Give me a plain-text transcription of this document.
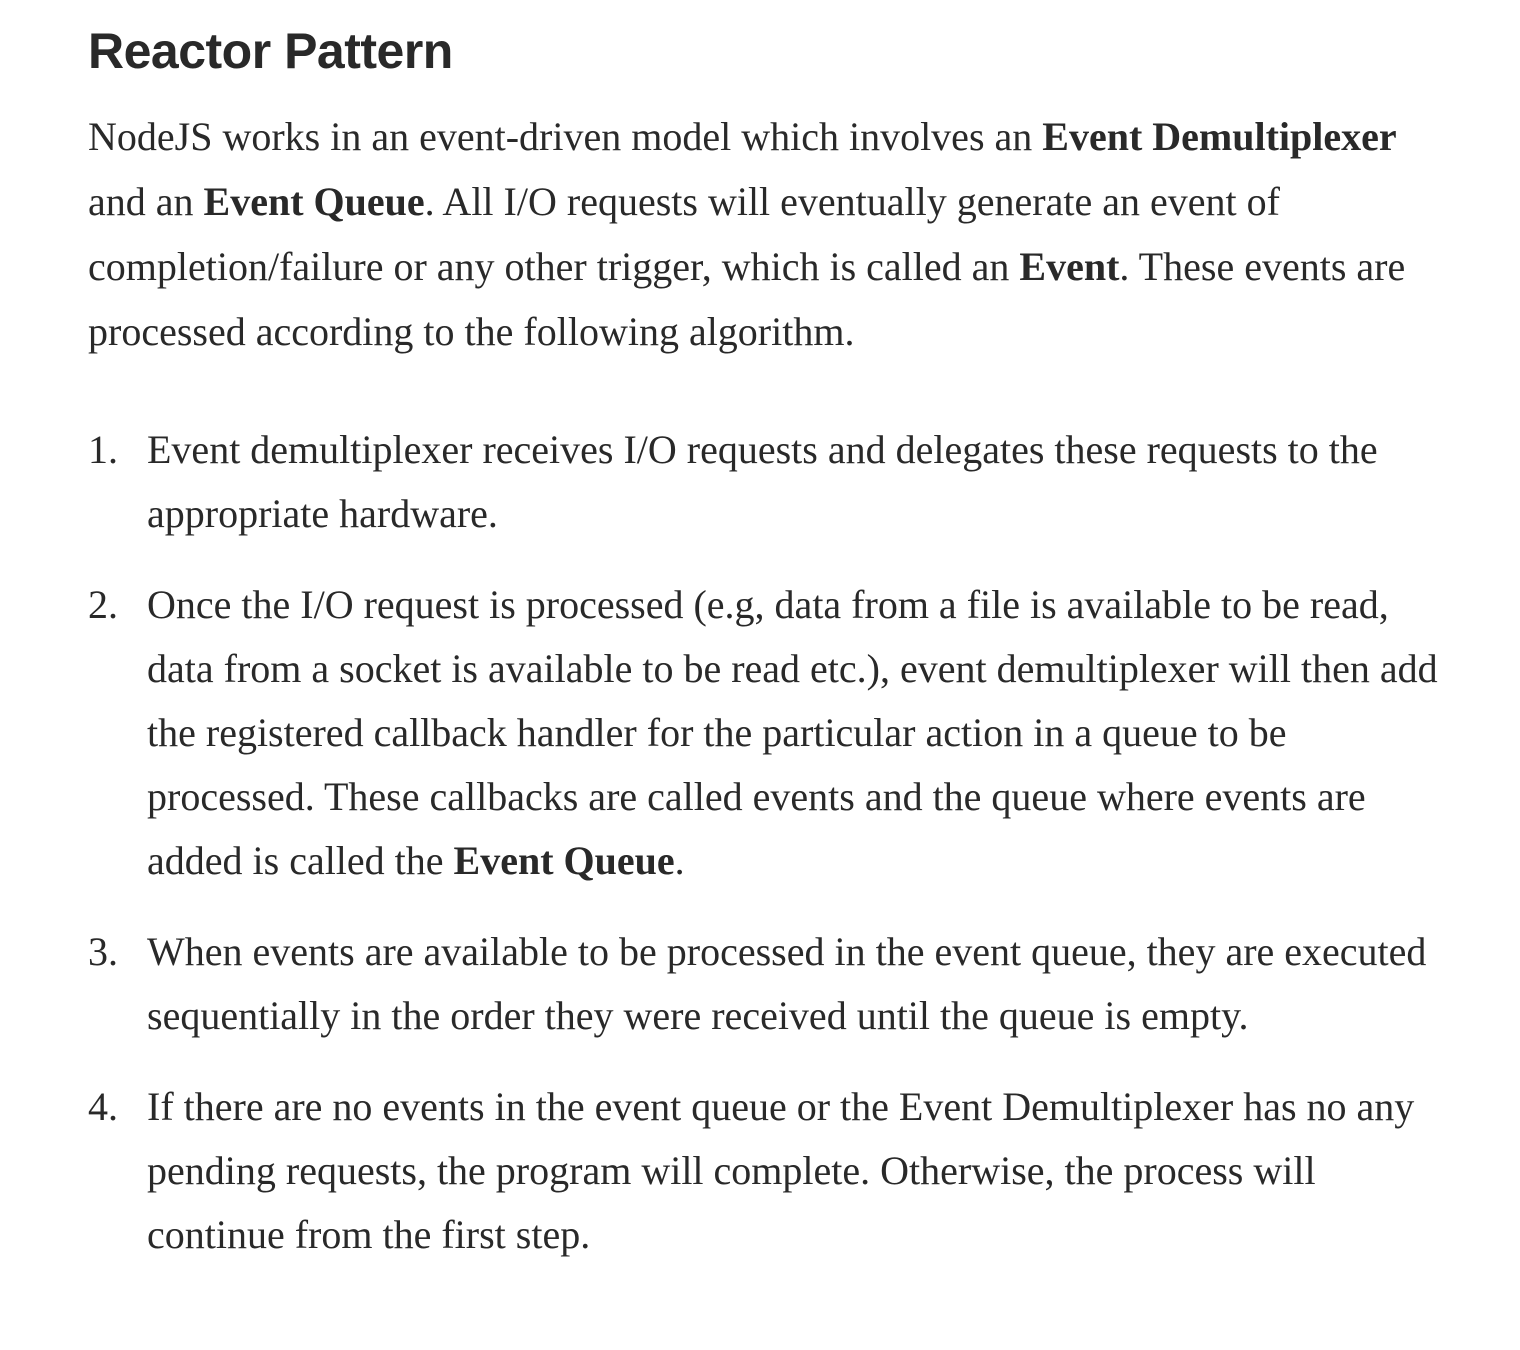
Reactor Pattern

NodeJS works in an event-driven model which involves an Event Demultiplexer and an Event Queue. All I/O requests will eventually generate an event of completion/failure or any other trigger, which is called an Event. These events are processed according to the following algorithm.

1. Event demultiplexer receives I/O requests and delegates these requests to the appropriate hardware.
2. Once the I/O request is processed (e.g, data from a file is available to be read, data from a socket is available to be read etc.), event demultiplexer will then add the registered callback handler for the particular action in a queue to be processed. These callbacks are called events and the queue where events are added is called the Event Queue.
3. When events are available to be processed in the event queue, they are executed sequentially in the order they were received until the queue is empty.
4. If there are no events in the event queue or the Event Demultiplexer has no any pending requests, the program will complete. Otherwise, the process will continue from the first step.
